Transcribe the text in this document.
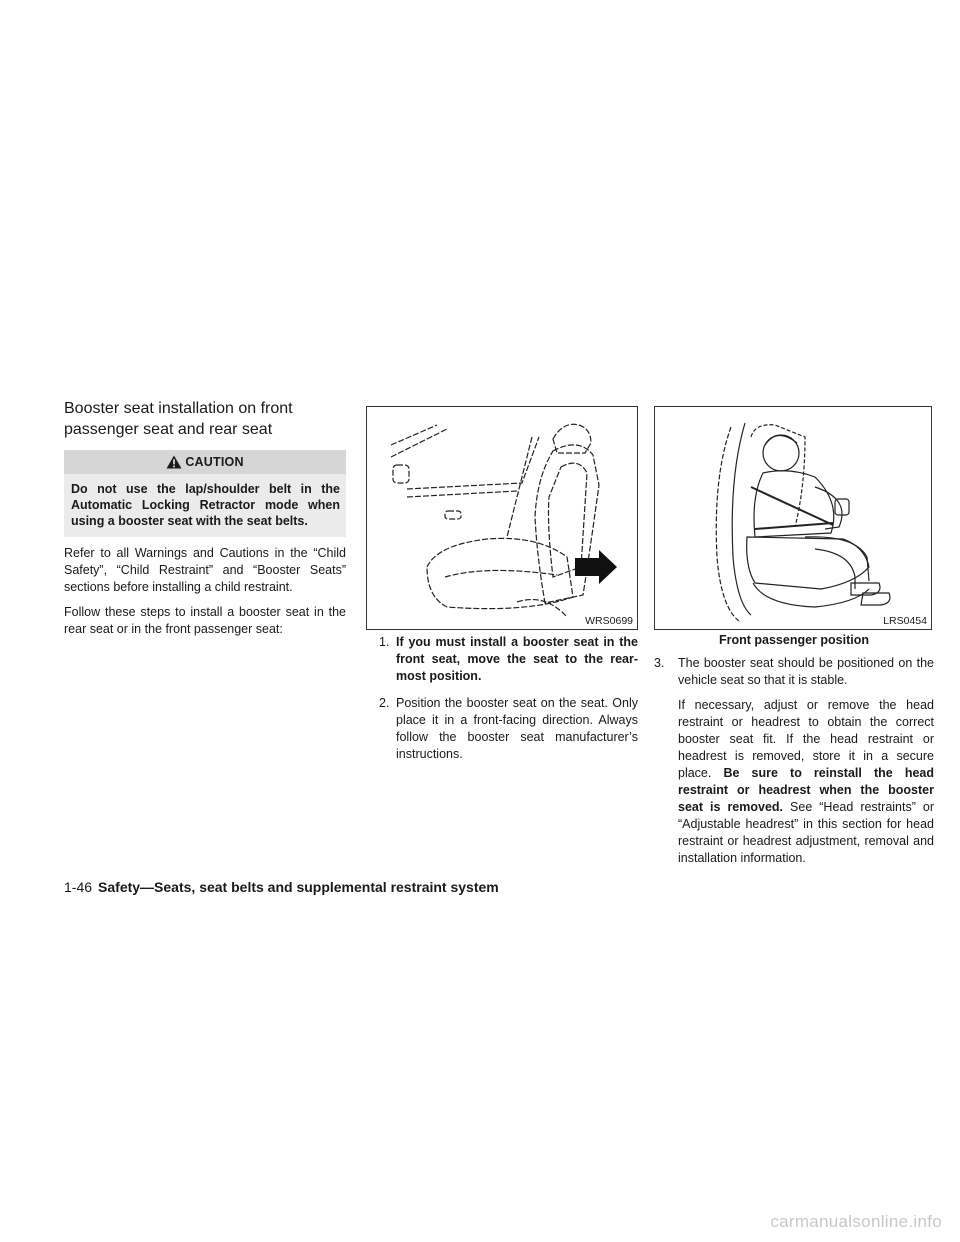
Booster seat installation on front passenger seat and rear seat
CAUTION
Do not use the lap/shoulder belt in the Automatic Locking Retractor mode when using a booster seat with the seat belts.

Refer to all Warnings and Cautions in the “Child Safety”, “Child Restraint” and “Booster Seats” sections before installing a child restraint.

Follow these steps to install a booster seat in the rear seat or in the front passenger seat:

WRS0699
1. If you must install a booster seat in the front seat, move the seat to the rear-most position.
2. Position the booster seat on the seat. Only place it in a front-facing direction. Always follow the booster seat manufacturer’s instructions.
LRS0454
Front passenger position
3. The booster seat should be positioned on the vehicle seat so that it is stable.
If necessary, adjust or remove the head restraint or headrest to obtain the correct booster seat fit. If the head restraint or headrest is removed, store it in a secure place. Be sure to reinstall the head restraint or headrest when the booster seat is removed. See “Head restraints” or “Adjustable headrest” in this section for head restraint or headrest adjustment, removal and installation information.
1-46 Safety—Seats, seat belts and supplemental restraint system
carmanualsonline.info
